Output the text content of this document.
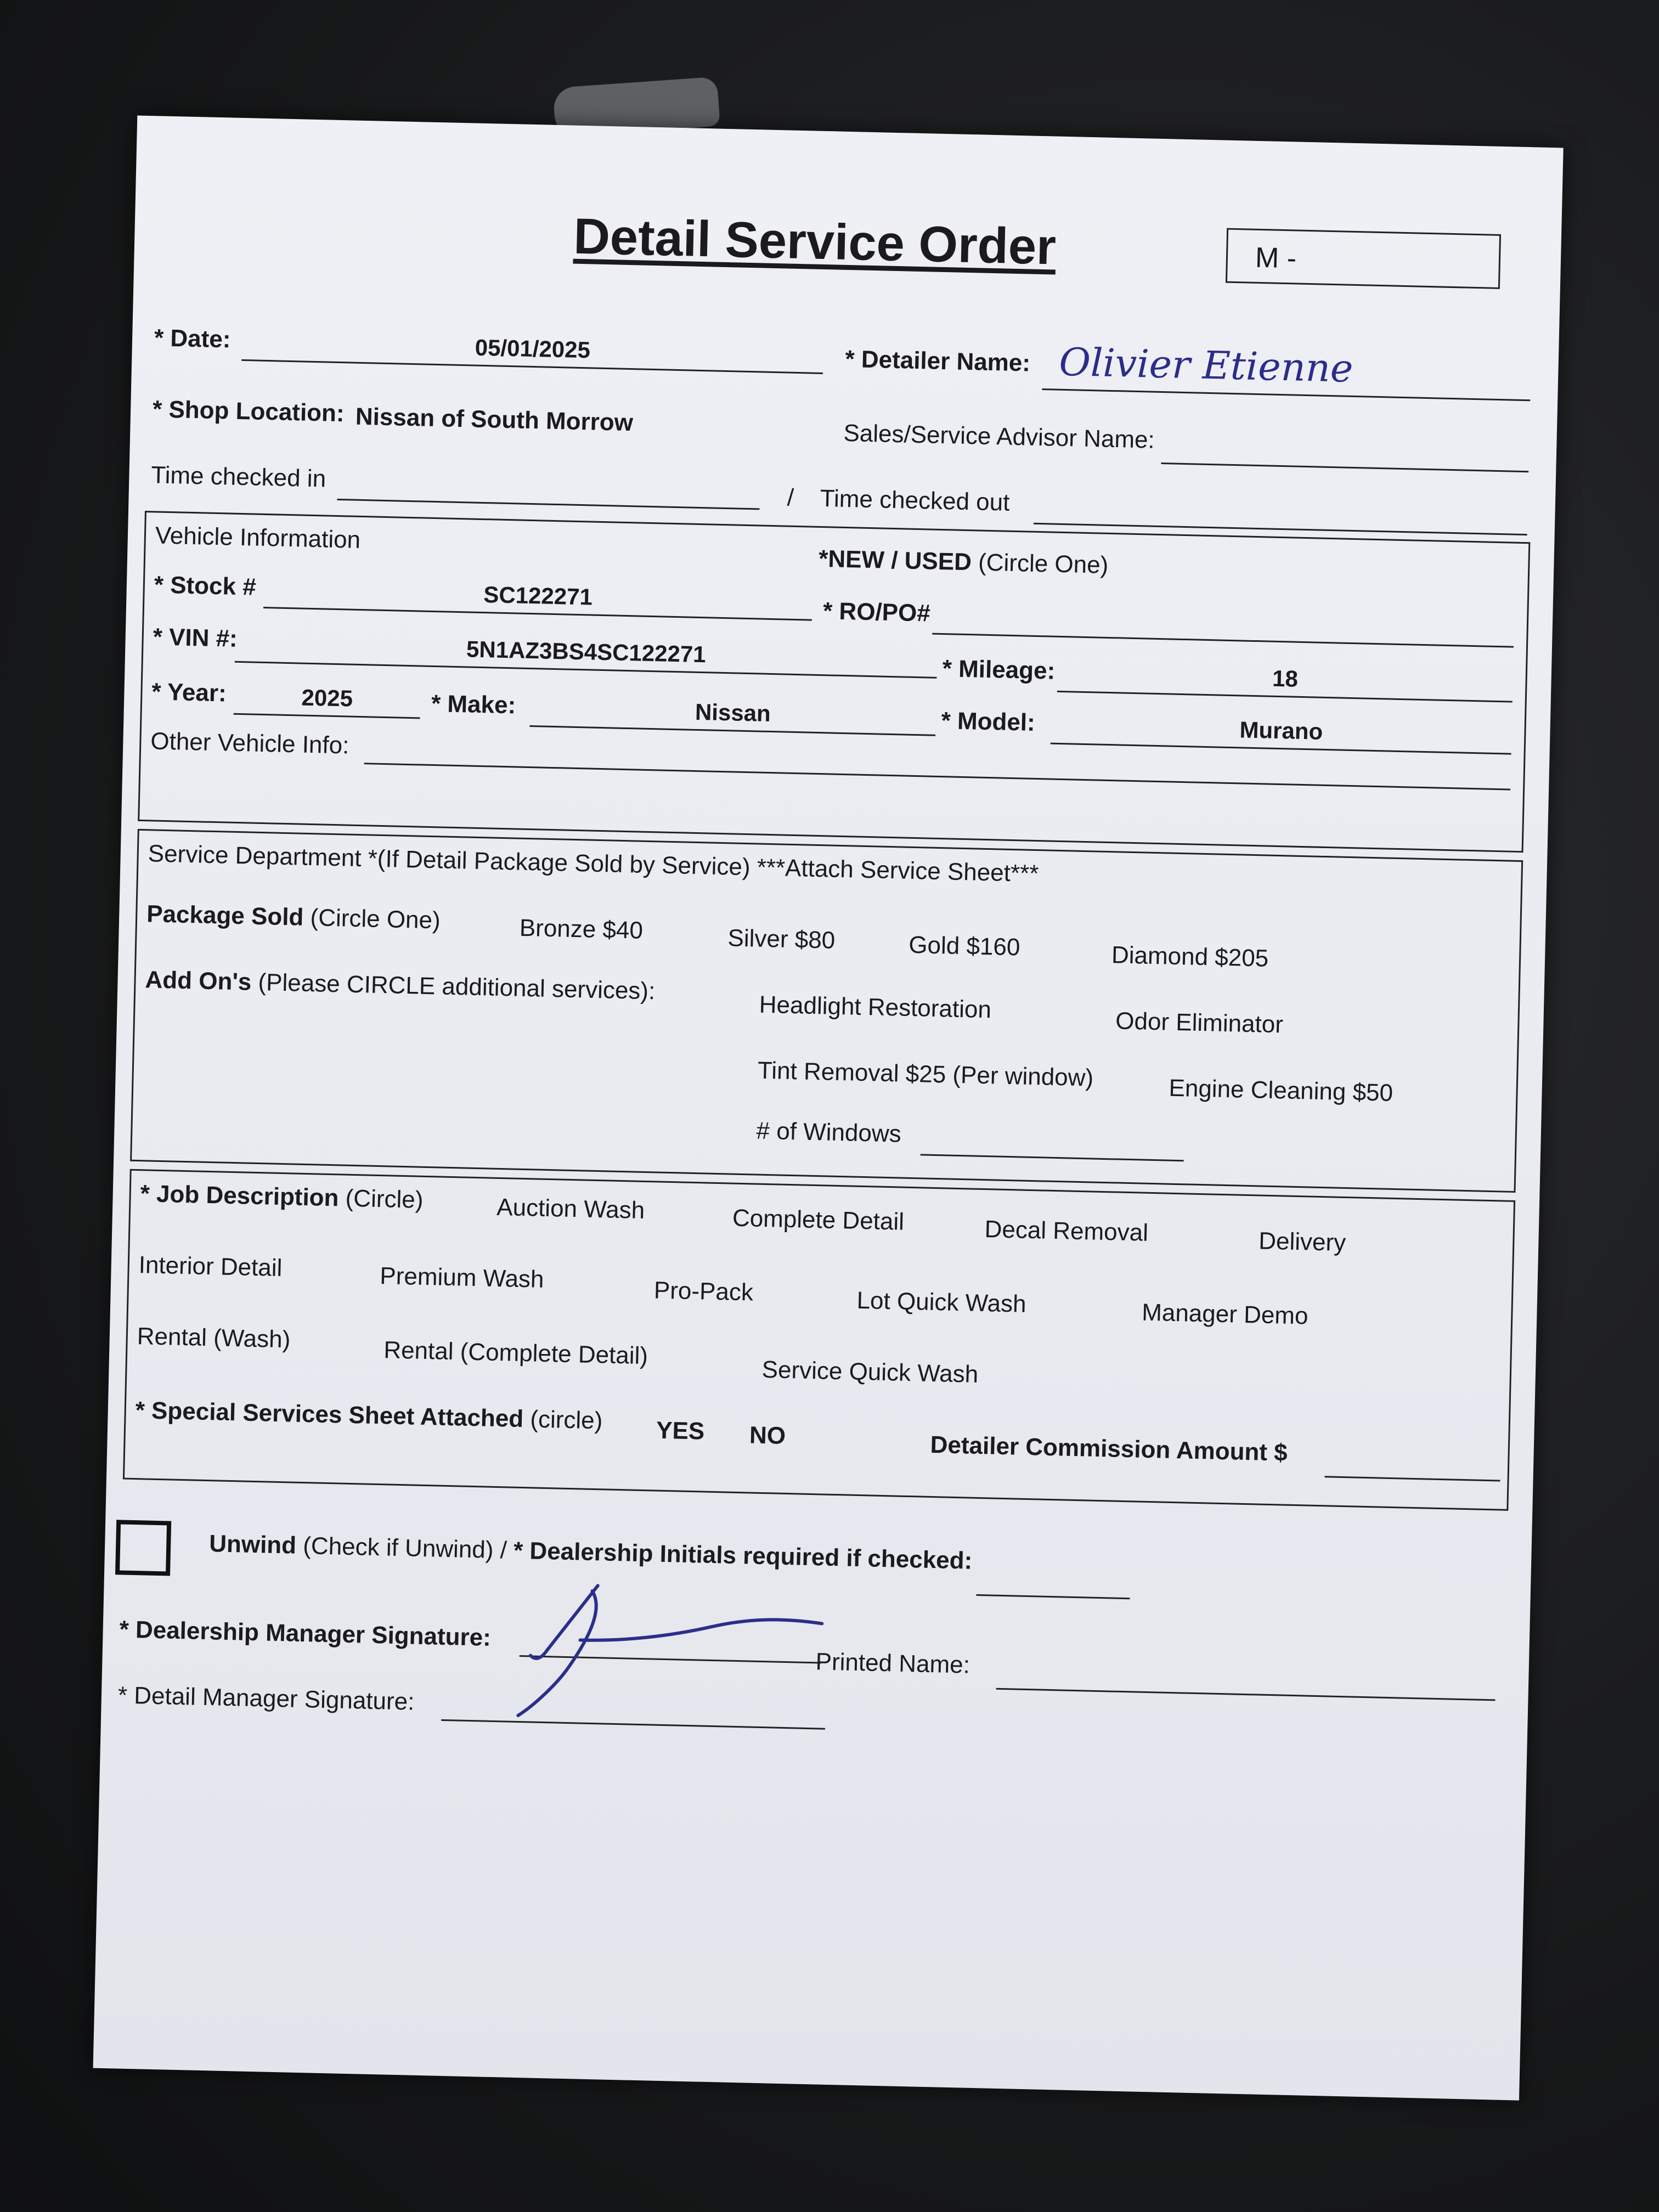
Detail Service Order	M -
* Date:	05/01/2025	* Detailer Name: Olivier Etienne
* Shop Location: Nissan of South Morrow	Sales/Service Advisor Name:
Time checked in
/ Time checked out
Vehicle Information
*NEW / USED (Circle One)
* Stock #	SC122271
* RO/PO#
* VIN #:	5N1AZ3BS4SC122271
* Mileage:	18
* Year:	2025	* Make:	Nissan	* Model:	Murano
Other Vehicle Info:
Service Department *(If Detail Package Sold by Service) ***Attach Service Sheet***
Package Sold (Circle One)	Bronze $40	Silver $80	Gold $160	Diamond $205
Add On's (Please CIRCLE additional services):
Headlight Restoration	Odor Eliminator
Tint Removal $25 (Per window)	Engine Cleaning $50
# of Windows
* Job Description (Circle)	Auction Wash	Complete Detail	Decal Removal	Delivery
Interior Detail	Premium Wash	Pro-Pack	Lot Quick Wash	Manager Demo
Rental (Wash)	Rental (Complete Detail)
Service Quick Wash
* Special Services Sheet Attached (circle) YES NO	Detailer Commission Amount $
Unwind (Check if Unwind) / * Dealership Initials required if checked:
* Dealership Manager Signature:
Printed Name:
* Detail Manager Signature:
